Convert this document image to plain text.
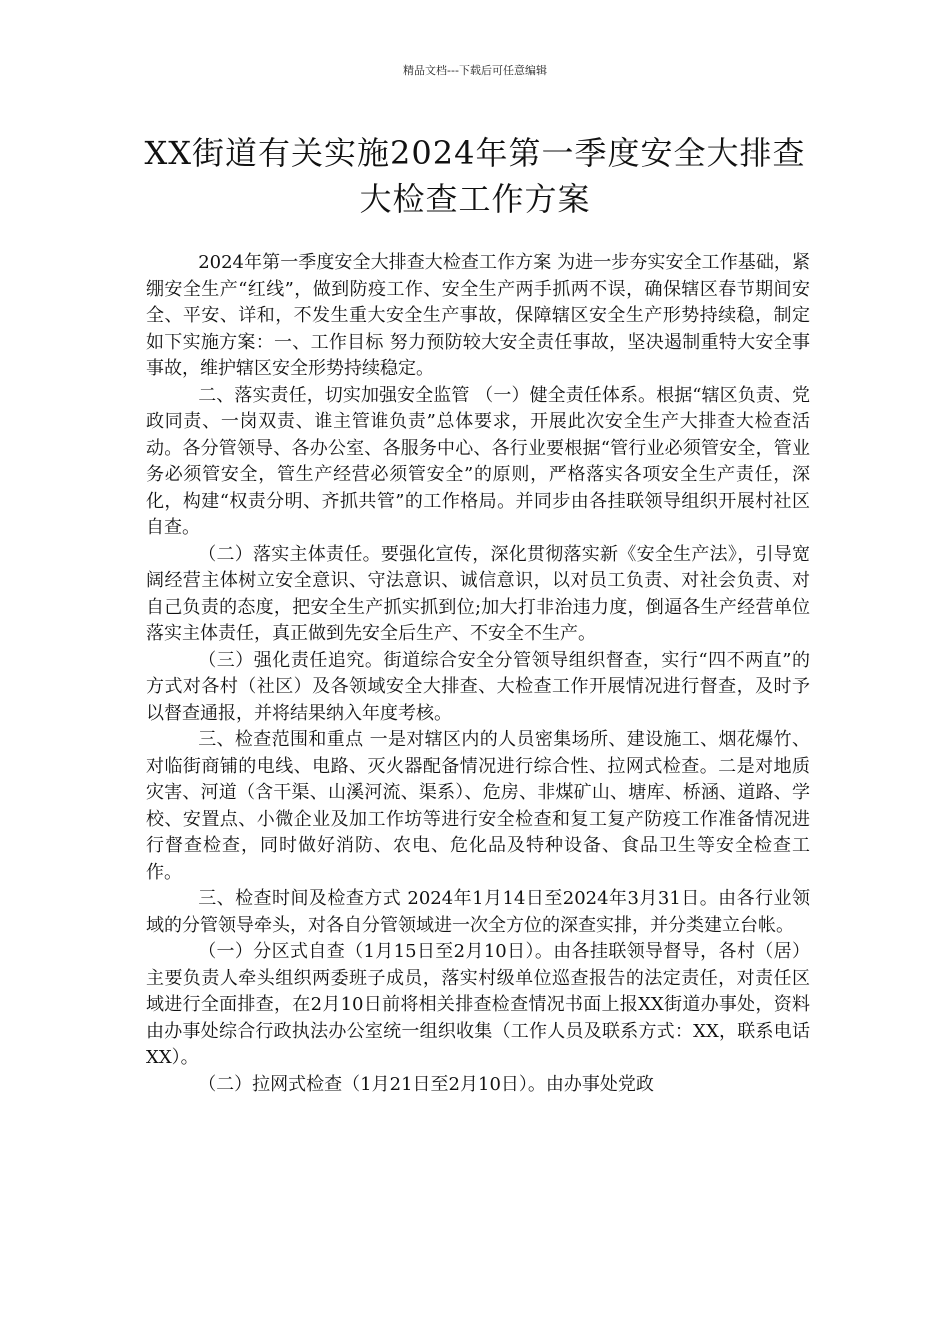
精品文档---下载后可任意编辑
XX街道有关实施2024年第一季度安全大排查大检查工作方案

2024年第一季度安全大排查大检查工作方案 为进一步夯实安全工作基础，紧绷安全生产“红线”，做到防疫工作、安全生产两手抓两不误，确保辖区春节期间安全、平安、详和，不发生重大安全生产事故，保障辖区安全生产形势持续稳，制定如下实施方案：一、工作目标 努力预防较大安全责任事故，坚决遏制重特大安全事事故，维护辖区安全形势持续稳定。

二、落实责任，切实加强安全监管 （一）健全责任体系。根据“辖区负责、党政同责、一岗双责、谁主管谁负责”总体要求，开展此次安全生产大排查大检查活动。各分管领导、各办公室、各服务中心、各行业要根据“管行业必须管安全，管业务必须管安全，管生产经营必须管安全”的原则，严格落实各项安全生产责任，深化，构建“权责分明、齐抓共管”的工作格局。并同步由各挂联领导组织开展村社区自查。

（二）落实主体责任。要强化宣传，深化贯彻落实新《安全生产法》，引导宽阔经营主体树立安全意识、守法意识、诚信意识，以对员工负责、对社会负责、对自己负责的态度，把安全生产抓实抓到位;加大打非治违力度，倒逼各生产经营单位落实主体责任，真正做到先安全后生产、不安全不生产。

（三）强化责任追究。街道综合安全分管领导组织督查，实行“四不两直”的方式对各村（社区）及各领域安全大排查、大检查工作开展情况进行督查，及时予以督查通报，并将结果纳入年度考核。

三、检查范围和重点 一是对辖区内的人员密集场所、建设施工、烟花爆竹、对临街商铺的电线、电路、灭火器配备情况进行综合性、拉网式检查。二是对地质灾害、河道（含干渠、山溪河流、渠系）、危房、非煤矿山、塘库、桥涵、道路、学校、安置点、小微企业及加工作坊等进行安全检查和复工复产防疫工作准备情况进行督查检查，同时做好消防、农电、危化品及特种设备、食品卫生等安全检查工作。

三、检查时间及检查方式 2024年1月14日至2024年3月31日。由各行业领域的分管领导牵头，对各自分管领域进一次全方位的深查实排，并分类建立台帐。

（一）分区式自查（1月15日至2月10日）。由各挂联领导督导，各村（居）主要负责人牵头组织两委班子成员，落实村级单位巡查报告的法定责任，对责任区域进行全面排查，在2月10日前将相关排查检查情况书面上报XX街道办事处，资料由办事处综合行政执法办公室统一组织收集（工作人员及联系方式：XX，联系电话XX）。

（二）拉网式检查（1月21日至2月10日）。由办事处党政
